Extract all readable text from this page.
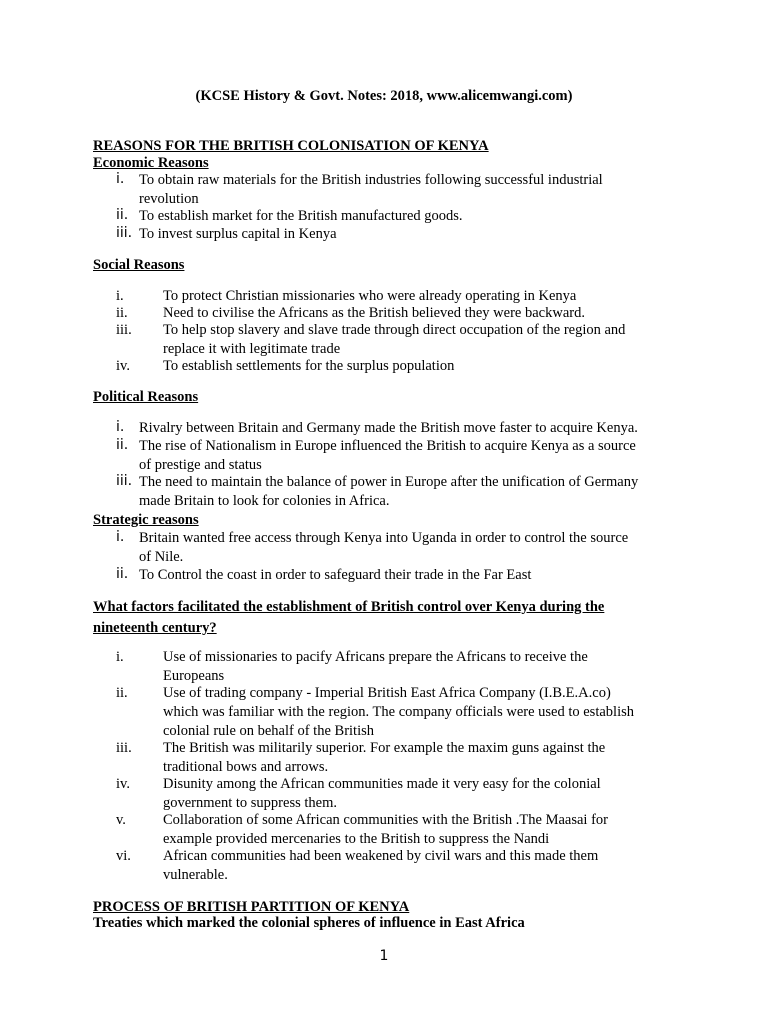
(KCSE History & Govt. Notes: 2018, www.alicemwangi.com)

REASONS FOR THE BRITISH COLONISATION OF KENYA

Economic Reasons

i. To obtain raw materials for the British industries following successful industrial
revolution
ii. To establish market for the British manufactured goods.
iii. To invest surplus capital in Kenya

Social Reasons

i.	To protect Christian missionaries who were already operating in Kenya
ii. Need to civilise the Africans as the British believed they were backward.
iii. To help stop slavery and slave trade through direct occupation of the region and
replace it with legitimate trade
iv. To establish settlements for the surplus population

Political Reasons

i. Rivalry between Britain and Germany made the British move faster to acquire Kenya.
ii. The rise of Nationalism in Europe influenced the British to acquire Kenya as a source
of prestige and status
iii. The need to maintain the balance of power in Europe after the unification of Germany
made Britain to look for colonies in Africa.

Strategic reasons

i. Britain wanted free access through Kenya into Uganda in order to control the source
of Nile.
ii. To Control the coast in order to safeguard their trade in the Far East
What factors facilitated the establishment of British control over Kenya during the
nineteenth century?
i.	Use of missionaries to pacify Africans prepare the Africans to receive the
Europeans
ii. Use of trading company - Imperial British East Africa Company (I.B.E.A.co)
which was familiar with the region. The company officials were used to establish
colonial rule on behalf of the British
iii. The British was militarily superior. For example the maxim guns against the
traditional bows and arrows.
iv. Disunity among the African communities made it very easy for the colonial
government to suppress them.
v.	Collaboration of some African communities with the British .The Maasai for
example provided mercenaries to the British to suppress the Nandi
vi. African communities had been weakened by civil wars and this made them
vulnerable.

PROCESS OF BRITISH PARTITION OF KENYA

Treaties which marked the colonial spheres of influence in East Africa

1
